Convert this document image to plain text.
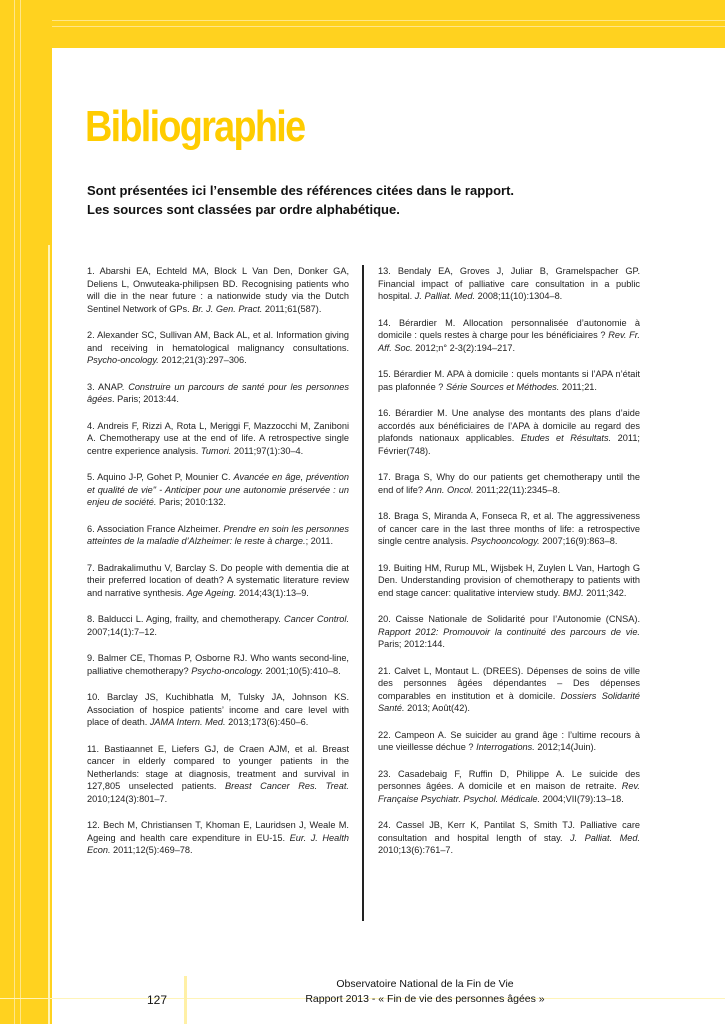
Bibliographie

Sont présentées ici l’ensemble des références citées dans le rapport.

Les sources sont classées par ordre alphabétique.

1. Abarshi EA, Echteld MA, Block L Van Den, Donker GA, Deliens L, Onwuteaka-philipsen BD. Recognising patients who will die in the near future : a nationwide study via the Dutch Sentinel Network of GPs. Br. J. Gen. Pract. 2011;61(587).

2. Alexander SC, Sullivan AM, Back AL, et al. Information giving and receiving in hematological malignancy consultations. Psycho-oncology. 2012;21(3):297–306.

3. ANAP. Construire un parcours de santé pour les personnes âgées. Paris; 2013:44.

4. Andreis F, Rizzi A, Rota L, Meriggi F, Mazzocchi M, Zaniboni A. Chemotherapy use at the end of life. A retrospective single centre experience analysis. Tumori. 2011;97(1):30–4.

5. Aquino J-P, Gohet P, Mounier C. Avancée en âge, prévention et qualité de vie" - Anticiper pour une autonomie préservée : un enjeu de société. Paris; 2010:132.

6. Association France Alzheimer. Prendre en soin les personnes atteintes de la maladie d’Alzheimer: le reste à charge.; 2011.

7. Badrakalimuthu V, Barclay S. Do people with dementia die at their preferred location of death? A systematic literature review and narrative synthesis. Age Ageing. 2014;43(1):13–9.

8. Balducci L. Aging, frailty, and chemotherapy. Cancer Control. 2007;14(1):7–12.

9. Balmer CE, Thomas P, Osborne RJ. Who wants second-line, palliative chemotherapy? Psycho-oncology. 2001;10(5):410–8.

10. Barclay JS, Kuchibhatla M, Tulsky JA, Johnson KS. Association of hospice patients’ income and care level with place of death. JAMA Intern. Med. 2013;173(6):450–6.

11. Bastiaannet E, Liefers GJ, de Craen AJM, et al. Breast cancer in elderly compared to younger patients in the Netherlands: stage at diagnosis, treatment and survival in 127,805 unselected patients. Breast Cancer Res. Treat. 2010;124(3):801–7.

12. Bech M, Christiansen T, Khoman E, Lauridsen J, Weale M. Ageing and health care expenditure in EU-15. Eur. J. Health Econ. 2011;12(5):469–78.

13. Bendaly EA, Groves J, Juliar B, Gramelspacher GP. Financial impact of palliative care consultation in a public hospital. J. Palliat. Med. 2008;11(10):1304–8.

14. Bérardier M. Allocation personnalisée d’autonomie à domicile : quels restes à charge pour les bénéficiaires ? Rev. Fr. Aff. Soc. 2012;n° 2-3(2):194–217.

15. Bérardier M. APA à domicile : quels montants si l’APA n’était pas plafonnée ? Série Sources et Méthodes. 2011;21.

16. Bérardier M. Une analyse des montants des plans d’aide accordés aux bénéficiaires de l’APA à domicile au regard des plafonds nationaux applicables. Etudes et Résultats. 2011; Février(748).

17. Braga S, Why do our patients get chemotherapy until the end of life? Ann. Oncol. 2011;22(11):2345–8.

18. Braga S, Miranda A, Fonseca R, et al. The aggressiveness of cancer care in the last three months of life: a retrospective single centre analysis. Psychooncology. 2007;16(9):863–8.

19. Buiting HM, Rurup ML, Wijsbek H, Zuylen L Van, Hartogh G Den. Understanding provision of chemotherapy to patients with end stage cancer: qualitative interview study. BMJ. 2011;342.

20. Caisse Nationale de Solidarité pour l’Autonomie (CNSA). Rapport 2012: Promouvoir la continuité des parcours de vie. Paris; 2012:144.

21. Calvet L, Montaut L. (DREES). Dépenses de soins de ville des personnes âgées dépendantes – Des dépenses comparables en institution et à domicile. Dossiers Solidarité Santé. 2013; Août(42).

22. Campeon A. Se suicider au grand âge : l’ultime recours à une vieillesse déchue ? Interrogations. 2012;14(Juin).

23. Casadebaig F, Ruffin D, Philippe A. Le suicide des personnes âgées. A domicile et en maison de retraite. Rev. Française Psychiatr. Psychol. Médicale. 2004;VII(79):13–18.

24. Cassel JB, Kerr K, Pantilat S, Smith TJ. Palliative care consultation and hospital length of stay. J. Palliat. Med. 2010;13(6):761–7.

127
Observatoire National de la Fin de Vie
Rapport 2013 - « Fin de vie des personnes âgées »
